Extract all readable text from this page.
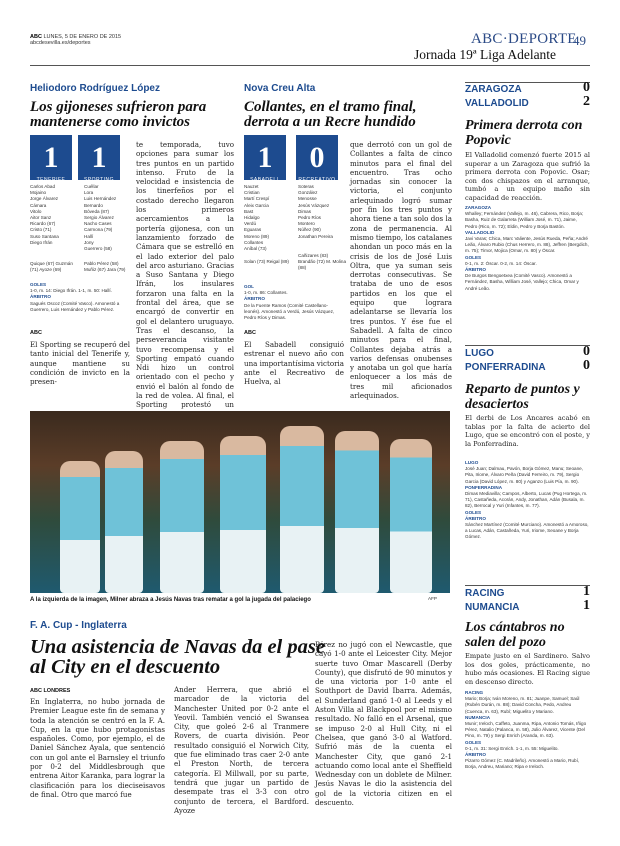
ABC LUNES, 5 DE ENERO DE 2015
abcdesevilla.es/deportes	ABC·DEPORTE
49
Jornada 19ª Liga Adelante
Heliodoro Rodríguez López
Los gijoneses sufrieron para mantenerse como invictos
1
TENERIFE
1
SPORTING
Carlos Abad
Mojaino
Jorge Álvarez
Cámara
Vitolo
Aitor Sanz
Ricardo (67)
Cristo (71)
Suso Santana
Diego Ifrán
Cuéllar
Lora
Luis Hernández
Bernardo
Bóveda (87)
Sergio Álvarez
Nacho Cases
Carmona (79)
Hallí
Jony
Guerrero (58)
Quique (67) Guzmán (71) Ayoze (69)
Pablo Pérez (58) Muñiz (67) Jara (79)
GOLES
1-0, m. 14: Diego Ifrán. 1-1, m. 50: Hallí.
ÁRBITRO
Sagués Oscoz (Comité Vasco). Amonestó a Guerrero, Luis Hernández y Pablo Pérez.
ABC
El Sporting se recuperó del tanto inicial del Tenerife y, aunque mantiene su condición de invicto en la presen-
te temporada, tuvo opciones para sumar los tres puntos en un partido intenso. Fruto de la velocidad e insistencia de los tinerfeños por el costado derecho llegaron los primeros acercamientos a la portería gijonesa, con un lanzamiento forzado de Cámara que se estrelló en el lado exterior del palo del arco asturiano. Gracias a Suso Santana y Diego Ifrán, los insulares forzaron una falta en la frontal del área, que se encargó de convertir en gol el delantero uruguayo. Tras el descanso, la perseverancia visitante tuvo recompensa y el Sporting empató cuando Ndi hizo un control orientado con el pecho y envió el balón al fondo de la red de volea. Al final, el Sporting protestó un
Nova Creu Alta
Collantes, en el tramo final, derrota a un Recre hundido
1
SABADELL
0
RECREATIVO
Nauzet
Cristian
Martí Crespí
Aleix Garcia
Bast
Hidalgo
Verdú
Eguaras
Moreno (89)
Collantes
Aníbal (73)
Soteras
González
Menosse
Jesús Vázquez
Dimas
Pedro Ríos
Montero
Núñez (90)
Jonathan Pereira
Solan (73) Reigal (89)
Cañizares (83) Brandão (72) M. Molina (88)
GOL
1-0, m. 86: Collantes.
ÁRBITRO
De la Fuente Ramos (Comité Castellano-leonés). Amonestó a Verdú, Jesús Vázquez, Pedro Ríos y Dimas.
ABC
El Sabadell consiguió estrenar el nuevo año con una importantísima victoria ante el Recreativo de Huelva, al
que derrotó con un gol de Collantes a falta de cinco minutos para el final del encuentro. Tras ocho jornadas sin conocer la victoria, el conjunto arlequinado logró sumar por fin los tres puntos y ahora tiene a tan solo dos la zona de permanencia. Al mismo tiempo, los catalanes ahondan un poco más en la crisis de los de José Luis Oltra, que ya suman seis derrotas consecutivas. Se trataba de uno de esos partidos en los que el equipo que lograra adelantarse se llevaría los tres puntos. Y ése fue el Sabadell. A falta de cinco minutos para el final, Collantes dejaba atrás a varios defensas onubenses y anotaba un gol que haría enloquecer a los más de tres mil aficionados arlequinados.
AFP
A la izquierda de la imagen, Milner abraza a Jesús Navas tras rematar a gol la jugada del palaciego
F. A. Cup - Inglaterra
Una asistencia de Navas da el pase al City en el descuento
ABC LONDRES
En Inglaterra, no hubo jornada de Premier League este fin de semana y toda la atención se centró en la F. A. Cup, en la que hubo protagonistas españoles. Como, por ejemplo, el de Daniel Sánchez Ayala, que sentenció con un gol ante el Barnsley el triunfo por 0-2 del Middlesbrough que entrena Aitor Karanka, para lograr la clasificación para los dieciseisavos de final. Otro que marcó fue
Ander Herrera, que abrió el marcador de la victoria del Manchester United por 0-2 ante el Yeovil. También venció el Swansea City, que goleó 2-6 al Tranmere Rovers, de cuarta división. Peor resultado consiguió el Norwich City, que fue eliminado tras caer 2-0 ante el Preston North, de tercera categoría. El Millwall, por su parte, tendrá que jugar un partido de desempate tras el 3-3 con otro conjunto de tercera, el Bardford. Ayoze
Pérez no jugó con el Newcastle, que cayó 1-0 ante el Leicester City. Mejor suerte tuvo Omar Mascarell (Derby County), que disfrutó de 90 minutos y de una victoria por 1-0 ante el Southport de David Ibarra. Además, el Sunderland ganó 1-0 al Leeds y el Aston Villa al Blackpool por el mismo resultado. No falló en el Arsenal, que se impuso 2-0 al Hull City, ni el Chelsea, que ganó 3-0 al Watford. Sufrió más de la cuenta el Manchester City, que ganó 2-1 actuando como local ante el Sheffield Wednesday con un doblete de Milner. Jesús Navas le dio la asistencia del gol de la victoria citizen en el descuento.
ZARAGOZA	0
VALLADOLID	2
Primera derrota con Popovic
El Valladolid comenzó fuerte 2015 al superar a un Zaragoza que sufrió la primera derrota con Popovic. Osar; con dos chispazos en el arranque, tumbó a un equipo maño sin capacidad de reacción.
ZARAGOZA
Whalley; Fernández (Vallejo, m. 46), Cabrera, Rico, Borja; Basha, Ruiz de Galarreta (William José, m. 71), Jaime, Pedro (Rico, m. 72); Eldin, Pedro y Borja Bastón.
VALLADOLID
Javi Varas; Chica, Marc Valiente, Jesús Rueda, Peña; André Leão, Álvaro Rubio (Chus Herrero, m. 88), Jeffren (Bergdich, m. 75); Timor, Mojica (Omar, m. 80) y Óscar.
GOLES
0-1, m. 2: Óscar. 0-2, m. 14: Óscar.
ÁRBITRO
De Burgos Bengoetxea (Comité Vasco). Amonestó a Fernández, Basha, William José, Vallejo; Chica, Omar y André Leão.
LUGO	0
PONFERRADINA	0
Reparto de puntos y desaciertos
El derbi de Los Ancares acabó en tablas por la falta de acierto del Lugo, que se encontró con el poste, y la Ponferradina.
LUGO
José Juan; Dalmau, Pavón, Borja Gómez, Manu; Seoane, Pita, Iriome, Álvaro Peña (David Ferreiro, m. 79), Sergio Garcia (David López, m. 80) y Aganzo (Luis Pía, m. 90).
PONFERRADINA
Dimas Mediavilla; Campos, Alberto, Lucas (Pug Hortega, m. 71), Castañeda, Acorán, Andy, Jonathan, Adán (Busala, m. 82), Berrocal y Yuri (Infantes, m. 77).
GOLES
ÁRBITRO
Sánchez Martínez (Comité Murciano). Amonestó a Amoroso, a Lucas, Adán, Castañeda, Yuri, Iriome, Seoane y Borja Gómez.
RACING	1
NUMANCIA	1
Los cántabros no salen del pozo
Empate justo en el Sardinero. Salvo los dos goles, prácticamente, no hubo más ocasiones. El Racing sigue en descenso directo.
RACING
Mario; Borja; Iván Moreno, m. 81; Juanpe, Samuel; Saúl (Rubén Durán, m. 88); David Concha, Pedo, Andreu (Cuenca, m. 63), Rubí; Miguelito y Mariano.
NUMANCIA
Munir; Ireloch, Caffeto, Juanma, Ripa, Antonio Tomás, Iñigo Pérez, Natalio (Palanca, m. 58), Julio Álvarez, Vicente (Del Pino, m. 79) y Sergi Enrich (Aranda, m. 63).
GOLES
0-1, m. 31: Sergi Enrich. 1-1, m. 55: Miguelito.
ÁRBITRO
Pizarro Gómez (C. Madrileño). Amonestó a Mario, Rubí, Borja, Andreu, Mariano; Ripa e Ireloch.
